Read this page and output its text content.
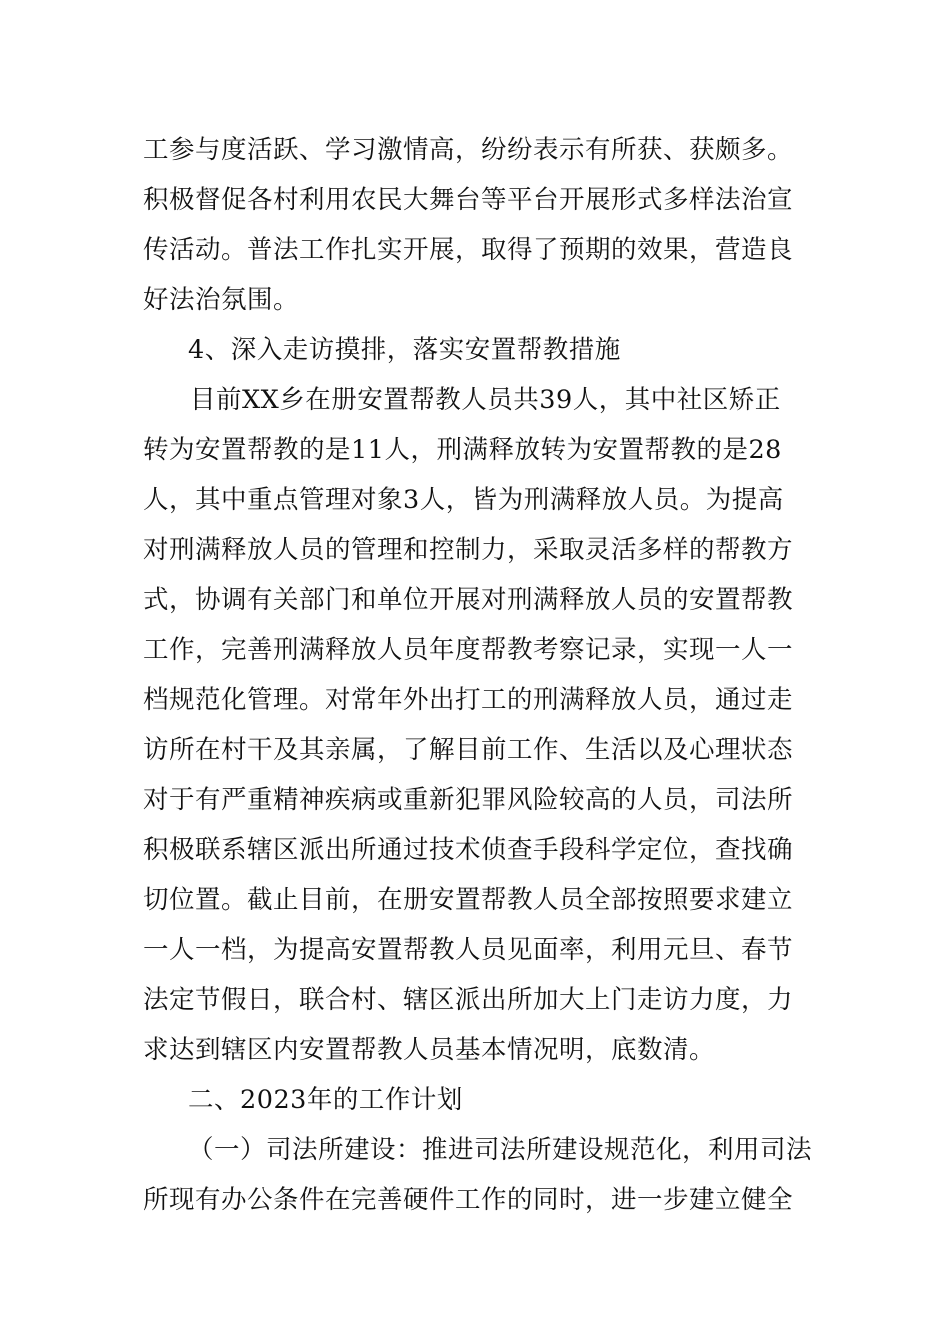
工参与度活跃、学习激情高，纷纷表示有所获、获颇多。
积极督促各村利用农民大舞台等平台开展形式多样法治宣
传活动。普法工作扎实开展，取得了预期的效果，营造良
好法治氛围。
4、深入走访摸排，落实安置帮教措施
目前XX乡在册安置帮教人员共39人，其中社区矫正
转为安置帮教的是11人，刑满释放转为安置帮教的是28
人，其中重点管理对象3人，皆为刑满释放人员。为提高
对刑满释放人员的管理和控制力，采取灵活多样的帮教方
式，协调有关部门和单位开展对刑满释放人员的安置帮教
工作，完善刑满释放人员年度帮教考察记录，实现一人一
档规范化管理。对常年外出打工的刑满释放人员，通过走
访所在村干及其亲属，了解目前工作、生活以及心理状态
对于有严重精神疾病或重新犯罪风险较高的人员，司法所
积极联系辖区派出所通过技术侦查手段科学定位，查找确
切位置。截止目前，在册安置帮教人员全部按照要求建立
一人一档，为提高安置帮教人员见面率，利用元旦、春节
法定节假日，联合村、辖区派出所加大上门走访力度，力
求达到辖区内安置帮教人员基本情况明，底数清。
二、2023年的工作计划
（一）司法所建设：推进司法所建设规范化，利用司法
所现有办公条件在完善硬件工作的同时，进一步建立健全
